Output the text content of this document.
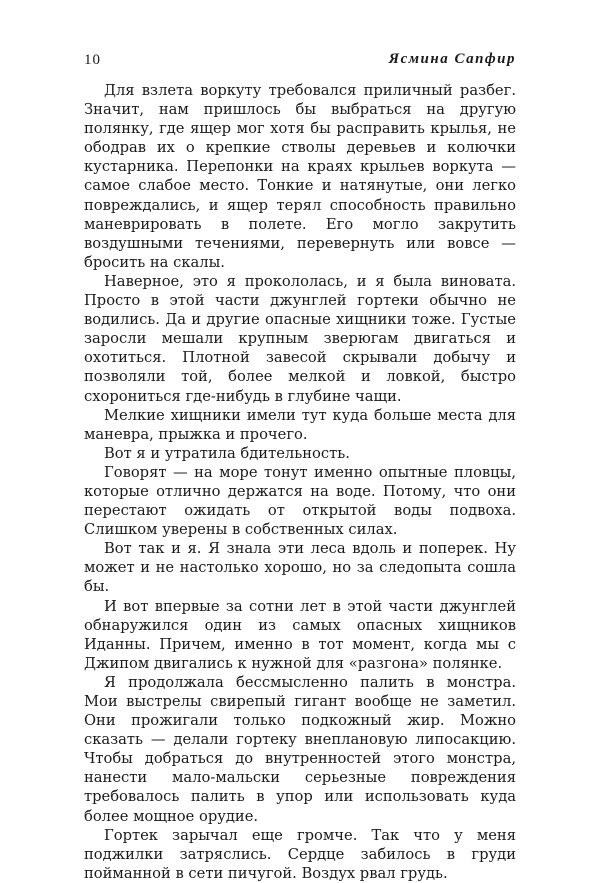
10	Ясмина Сапфир

Для взлета воркуту требовался приличный разбег. Значит, нам пришлось бы выбраться на другую полянку, где ящер мог хотя бы расправить крылья, не ободрав их о крепкие стволы деревьев и колючки кустарника. Перепонки на краях крыльев воркута — самое слабое место. Тонкие и натянутые, они легко повреждались, и ящер терял способность правильно маневрировать в полете. Его могло закрутить воздушными течениями, перевернуть или вовсе — бросить на скалы.

Наверное, это я прокололась, и я была виновата. Просто в этой части джунглей гортеки обычно не водились. Да и другие опасные хищники тоже. Густые заросли мешали крупным зверюгам двигаться и охотиться. Плотной завесой скрывали добычу и позволяли той, более мелкой и ловкой, быстро схорониться где-нибудь в глубине чащи.

Мелкие хищники имели тут куда больше места для маневра, прыжка и прочего.

Вот я и утратила бдительность.

Говорят — на море тонут именно опытные пловцы, которые отлично держатся на воде. Потому, что они перестают ожидать от открытой воды подвоха. Слишком уверены в собственных силах.

Вот так и я. Я знала эти леса вдоль и поперек. Ну может и не настолько хорошо, но за следопыта сошла бы.

И вот впервые за сотни лет в этой части джунглей обнаружился один из самых опасных хищников Иданны. Причем, именно в тот момент, когда мы с Джипом двигались к нужной для «разгона» полянке.

Я продолжала бессмысленно палить в монстра. Мои выстрелы свирепый гигант вообще не заметил. Они прожигали только подкожный жир. Можно сказать — делали гортеку внеплановую липосакцию. Чтобы добраться до внутренностей этого монстра, нанести мало-мальски серьезные повреждения требовалось палить в упор или использовать куда более мощное орудие.

Гортек зарычал еще громче. Так что у меня поджилки затряслись. Сердце забилось в груди пойманной в сети пичугой. Воздух рвал грудь.
